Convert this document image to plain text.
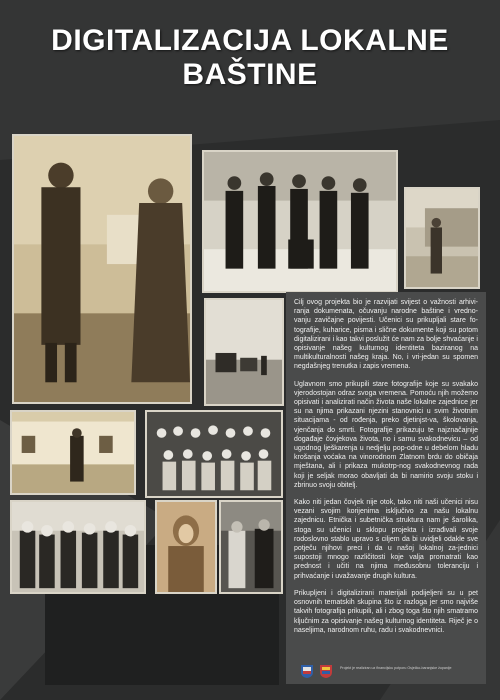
DIGITALIZACIJA LOKALNE
BAŠTINE

Cilj ovog projekta bio je razvijati svijest o važnosti arhivi-ranja dokumenata, očuvanju narodne baštine i vredno-vanju zavičajne povijesti. Učenici su prikupljali stare fo-tografije, kuharice, pisma i slične dokumente koji su potom digitalizirani i kao takvi poslužit će nam za bolje shvaćanje i opisivanje našeg kulturnog identiteta baziranog na multikulturalnosti našeg kraja. No, i vri-jedan su spomen negdašnjeg trenutka i zapis vremena.

Uglavnom smo prikupili stare fotografije koje su svakako vjerodostojan odraz svoga vremena. Pomoću njih možemo opisivati i analizirati način života naše lokalne zajednice jer su na njima prikazani njezini stanovnici u svim životnim situacijama - od rođenja, preko djetinjst-va, školovanja, vjenčanja do smrti. Fotografije prikazuju te najznačajnije događaje čovjekova života, no i samu svakodnevicu – od ugodnog lješkarenja u nedjelju pop-odne u debelom hladu krošanja voćaka na vinorodnom Zlatnom brdu do običaja mještana, ali i prikaza mukotrp-nog svakodnevnog rada koji je seljak morao obavljati da bi namirio svoju stoku i zbrinuo svoju obitelj.

Kako niti jedan čovjek nije otok, tako niti naši učenici nisu vezani svojim korijenima isključivo za našu lokalnu zajednicu. Etnička i subetnička struktura nam je šarolika, stoga su učenici u sklopu projekta i izrađivali svoje rodoslovno stablo upravo s ciljem da bi uvidjeli odakle sve potječu njihovi preci i da u našoj lokalnoj za-jednici supostoji mnogo različitosti koje valja promatrati kao prednost i učiti na njima međusobnu toleranciju i prihvaćanje i uvažavanje drugih kultura.

Prikupljeni i digitalizirani materijali podijeljeni su u pet osnovnih tematskih skupina što iz razloga jer smo najviše takvih fotografija prikupili, ali i zbog toga što njih smatramo ključnim za opisivanje našeg kulturnog identiteta. Riječ je o naseljima, narodnom ruhu, radu i svakodnevnici.

Projekt je realiziran uz financijsku potporu Osječko-baranjske županije
